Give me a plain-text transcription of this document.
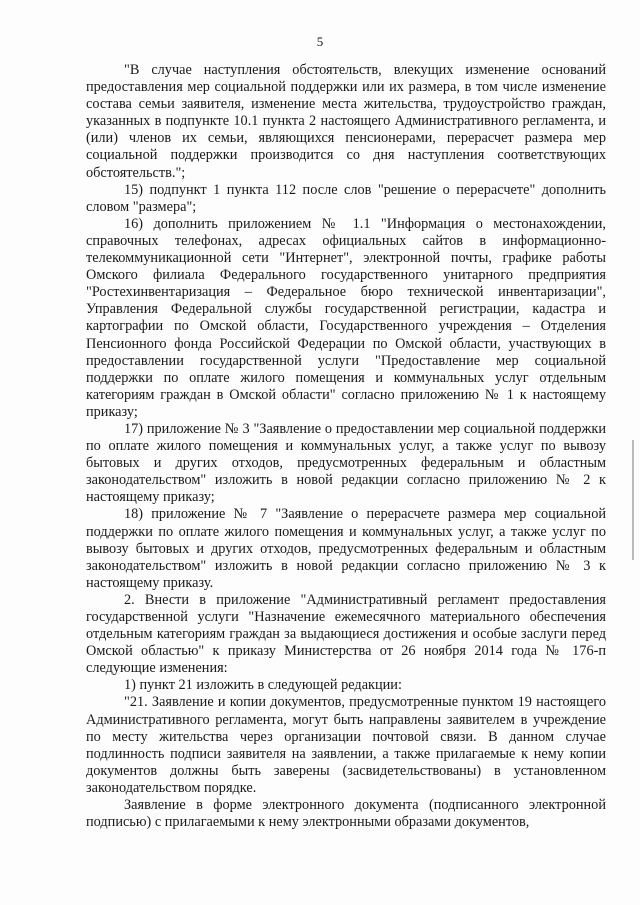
5

"В случае наступления обстоятельств, влекущих изменение оснований предоставления мер социальной поддержки или их размера, в том числе изменение состава семьи заявителя, изменение места жительства, трудоустройство граждан, указанных в подпункте 10.1 пункта 2 настоящего Административного регламента, и (или) членов их семьи, являющихся пенсионерами, перерасчет размера мер социальной поддержки производится со дня наступления соответствующих обстоятельств.";

15) подпункт 1 пункта 112 после слов "решение о перерасчете" дополнить словом "размера";

16) дополнить приложением № 1.1 "Информация о местонахождении, справочных телефонах, адресах официальных сайтов в информационно-телекоммуникационной сети "Интернет", электронной почты, графике работы Омского филиала Федерального государственного унитарного предприятия "Ростехинвентаризация – Федеральное бюро технической инвентаризации", Управления Федеральной службы государственной регистрации, кадастра и картографии по Омской области, Государственного учреждения – Отделения Пенсионного фонда Российской Федерации по Омской области, участвующих в предоставлении государственной услуги "Предоставление мер социальной поддержки по оплате жилого помещения и коммунальных услуг отдельным категориям граждан в Омской области" согласно приложению № 1 к настоящему приказу;

17) приложение № 3 "Заявление о предоставлении мер социальной поддержки по оплате жилого помещения и коммунальных услуг, а также услуг по вывозу бытовых и других отходов, предусмотренных федеральным и областным законодательством" изложить в новой редакции согласно приложению № 2 к настоящему приказу;

18) приложение № 7 "Заявление о перерасчете размера мер социальной поддержки по оплате жилого помещения и коммунальных услуг, а также услуг по вывозу бытовых и других отходов, предусмотренных федеральным и областным законодательством" изложить в новой редакции согласно приложению № 3 к настоящему приказу.

2. Внести в приложение "Административный регламент предоставления государственной услуги "Назначение ежемесячного материального обеспечения отдельным категориям граждан за выдающиеся достижения и особые заслуги перед Омской областью" к приказу Министерства от 26 ноября 2014 года № 176-п следующие изменения:

1) пункт 21 изложить в следующей редакции:

"21. Заявление и копии документов, предусмотренные пунктом 19 настоящего Административного регламента, могут быть направлены заявителем в учреждение по месту жительства через организации почтовой связи. В данном случае подлинность подписи заявителя на заявлении, а также прилагаемые к нему копии документов должны быть заверены (засвидетельствованы) в установленном законодательством порядке.

Заявление в форме электронного документа (подписанного электронной подписью) с прилагаемыми к нему электронными образами документов,
